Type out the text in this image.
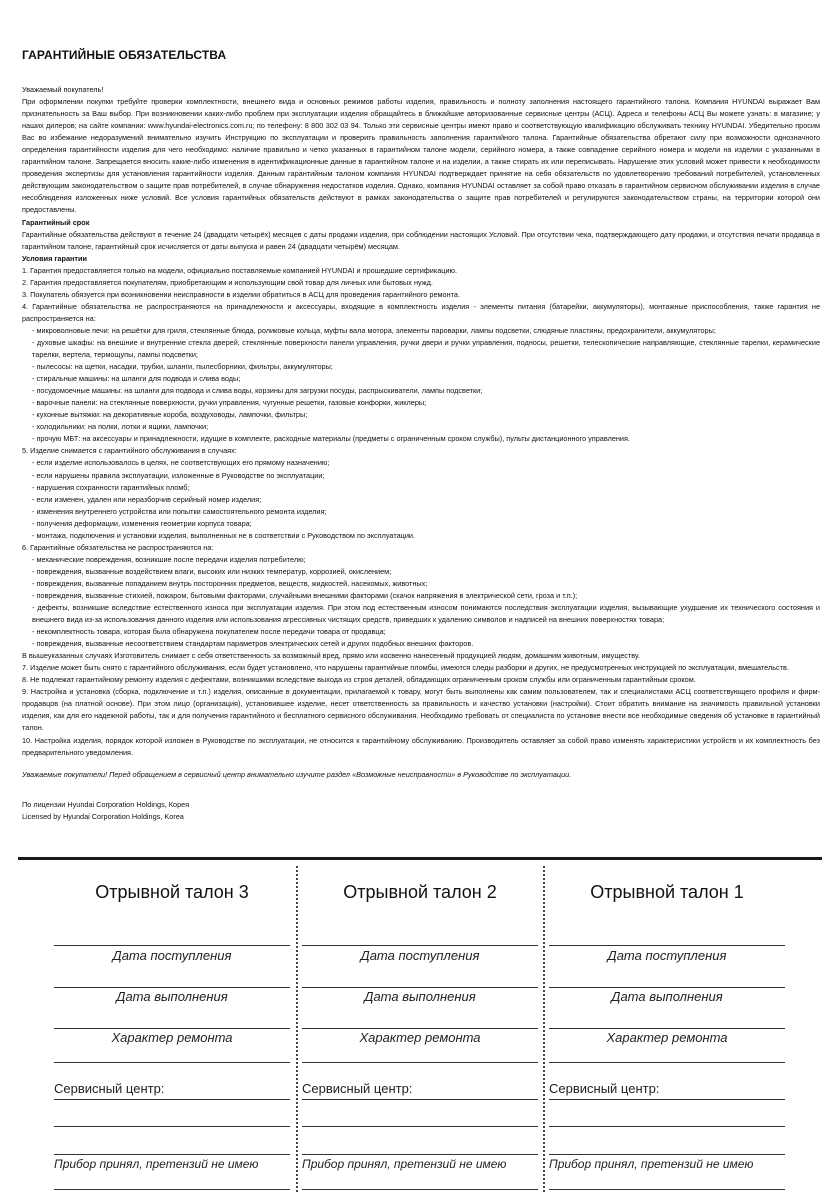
ГАРАНТИЙНЫЕ ОБЯЗАТЕЛЬСТВА

Уважаемый покупатель!

При оформлении покупки требуйте проверки комплектности, внешнего вида и основных режимов работы изделия, правильность и полноту заполнения настоящего гарантийного талона. Компания HYUNDAI выражает Вам признательность за Ваш выбор. При возникновении каких-либо проблем при эксплуатации изделия обращайтесь в ближайшие авторизованные сервисные центры (АСЦ). Адреса и телефоны АСЦ Вы можете узнать: в магазине; у наших дилеров; на сайте компании: www.hyundai-electronics.com.ru; по телефону: 8 800 302 03 94. Только эти сервисные центры имеют право и соответствующую квалификацию обслуживать технику HYUNDAI. Убедительно просим Вас во избежание недоразумений внимательно изучить Инструкцию по эксплуатации и проверить правильность заполнения гарантийного талона. Гарантийные обязательства обретают силу при возможности однозначного определения гарантийности изделия для чего необходимо: наличие правильно и четко указанных в гарантийном талоне модели, серийного номера, а также совпадение серийного номера и модели на изделии с указанными в гарантийном талоне. Запрещается вносить какие-либо изменения в идентификационные данные в гарантийном талоне и на изделии, а также стирать их или переписывать. Нарушение этих условий может привести к необходимости проведения экспертизы для установления гарантийности изделия. Данным гарантийным талоном компания HYUNDAI подтверждает принятие на себя обязательств по удовлетворению требований потребителей, установленных действующим законодательством о защите прав потребителей, в случае обнаружения недостатков изделия. Однако, компания HYUNDAI оставляет за собой право отказать в гарантийном сервисном обслуживании изделия в случае несоблюдения изложенных ниже условий. Все условия гарантийных обязательств действуют в рамках законодательства о защите прав потребителей и регулируются законодательством страны, на территории которой они предоставлены.

Гарантийный срок

Гарантийные обязательства действуют в течение 24 (двадцати четырёх) месяцев с даты продажи изделия, при соблюдении настоящих Условий. При отсутствии чека, подтверждающего дату продажи, и отсутствия печати продавца в гарантийном талоне, гарантийный срок исчисляется от даты выпуска и равен 24 (двадцати четырём) месяцам.

Условия гарантии

1. Гарантия предоставляется только на модели, официально поставляемые компанией HYUNDAI и прошедшие сертификацию.

2. Гарантия предоставляется покупателям, приобретающим и использующим свой товар для личных или бытовых нужд.

3. Покупатель обязуется при возникновении неисправности в изделии обратиться в АСЦ для проведения гарантийного ремонта.

4. Гарантийные обязательства не распространяются на принадлежности и аксессуары, входящие в комплектность изделия - элементы питания (батарейки, аккумуляторы), монтажные приспособления, также гарантия не распространяется на:

- микроволновые печи: на решётки для гриля, стеклянные блюда, роликовые кольца, муфты вала мотора, элементы пароварки, лампы подсветки, слюдяные пластины, предохранители, аккумуляторы;

- духовые шкафы: на внешние и внутренние стекла дверей, стеклянные поверхности панели управления, ручки двери и ручки управления, подносы, решетки, телескопические направляющие, стеклянные тарелки, керамические тарелки, вертела, термощупы, лампы подсветки;

- пылесосы: на щетки, насадки, трубки, шланги, пылесборники, фильтры, аккумуляторы;

- стиральные машины: на шланги для подвода и слива воды;

- посудомоечные машины: на шланги для подвода и слива воды, корзины для загрузки посуды, распрыскиватели, лампы подсветки;

- варочные панели: на стеклянные поверхности, ручки управления, чугунные решетки, газовые конфорки, жиклеры;

- кухонные вытяжки: на декоративные короба, воздуховоды, лампочки, фильтры;

- холодильники: на полки, лотки и ящики, лампочки;

- прочую МБТ: на аксессуары и принадлежности, идущие в комплекте, расходные материалы (предметы с ограниченным сроком службы), пульты дистанционного управления.

5. Изделие снимается с гарантийного обслуживания в случаях:

- если изделие использовалось в целях, не соответствующих его прямому назначению;

- если нарушены правила эксплуатации, изложенные в Руководстве по эксплуатации;

- нарушения сохранности гарантийных пломб;

- если изменен, удален или неразборчив серийный номер изделия;

- изменения внутреннего устройства или попытки самостоятельного ремонта изделия;

- получения деформации, изменения геометрии корпуса товара;

- монтажа, подключения и установки изделия, выполненных не в соответствии с Руководством по эксплуатации.

6. Гарантийные обязательства не распространяются на:

- механические повреждения, возникшие после передачи изделия потребителю;

- повреждения, вызванные воздействием влаги, высоких или низких температур, коррозией, окислением;

- повреждения, вызванные попаданием внутрь посторонних предметов, веществ, жидкостей, насекомых, животных;

- повреждения, вызванные стихией, пожаром, бытовыми факторами, случайными внешними факторами (скачок напряжения в электрической сети, гроза и т.п.);

- дефекты, возникшие вследствие естественного износа при эксплуатации изделия. При этом под естественным износом понимаются последствия эксплуатации изделия, вызывающие ухудшение их технического состояния и внешнего вида из-за использования данного изделия или использования агрессивных чистящих средств, приведших к удалению символов и надписей на внешних поверхностях товара;

- некомплектность товара, которая была обнаружена покупателем после передачи товара от продавца;

- повреждения, вызванные несоответствием стандартам параметров электрических сетей и других подобных внешних факторов.

В вышеуказанных случаях Изготовитель снимает с себя ответственность за возможный вред, прямо или косвенно нанесенный продукцией людям, домашним животным, имуществу.

7. Изделие может быть снято с гарантийного обслуживания, если будет установлено, что нарушены гарантийные пломбы, имеются следы разборки и других, не предусмотренных инструкцией по эксплуатации, вмешательств.

8. Не подлежат гарантийному ремонту изделия с дефектами, возникшими вследствие выхода из строя деталей, обладающих ограниченным сроком службы или ограниченным гарантийным сроком.

9. Настройка и установка (сборка, подключение и т.п.) изделия, описанные в документации, прилагаемой к товару, могут быть выполнены как самим пользователем, так и специалистами АСЦ соответствующего профиля и фирм-продавцов (на платной основе). При этом лицо (организация), установившее изделие, несет ответственность за правильность и качество установки (настройки). Стоит обратить внимание на значимость правильной установки изделия, как для его надежной работы, так и для получения гарантийного и бесплатного сервисного обслуживания. Необходимо требовать от специалиста по установке внести все необходимые сведения об установке в гарантийный талон.

10. Настройка изделия, порядок которой изложен в Руководстве по эксплуатации, не относится к гарантийному обслуживанию. Производитель оставляет за собой право изменять характеристики устройств и их комплектность без предварительного уведомления.

Уважаемые покупатели! Перед обращением в сервисный центр внимательно изучите раздел «Возможные неисправности» в Руководстве по эксплуатации.

По лицензии Hyundai Corporation Holdings, Корея

Licensed by Hyundai Corporation Holdings, Korea

Отрывной талон 3
Дата поступления
Дата выполнения
Характер ремонта
Сервисный центр:
Прибор принял, претензий не имею
Отрывной талон 2
Дата поступления
Дата выполнения
Характер ремонта
Сервисный центр:
Прибор принял, претензий не имею
Отрывной талон 1
Дата поступления
Дата выполнения
Характер ремонта
Сервисный центр:
Прибор принял, претензий не имею
